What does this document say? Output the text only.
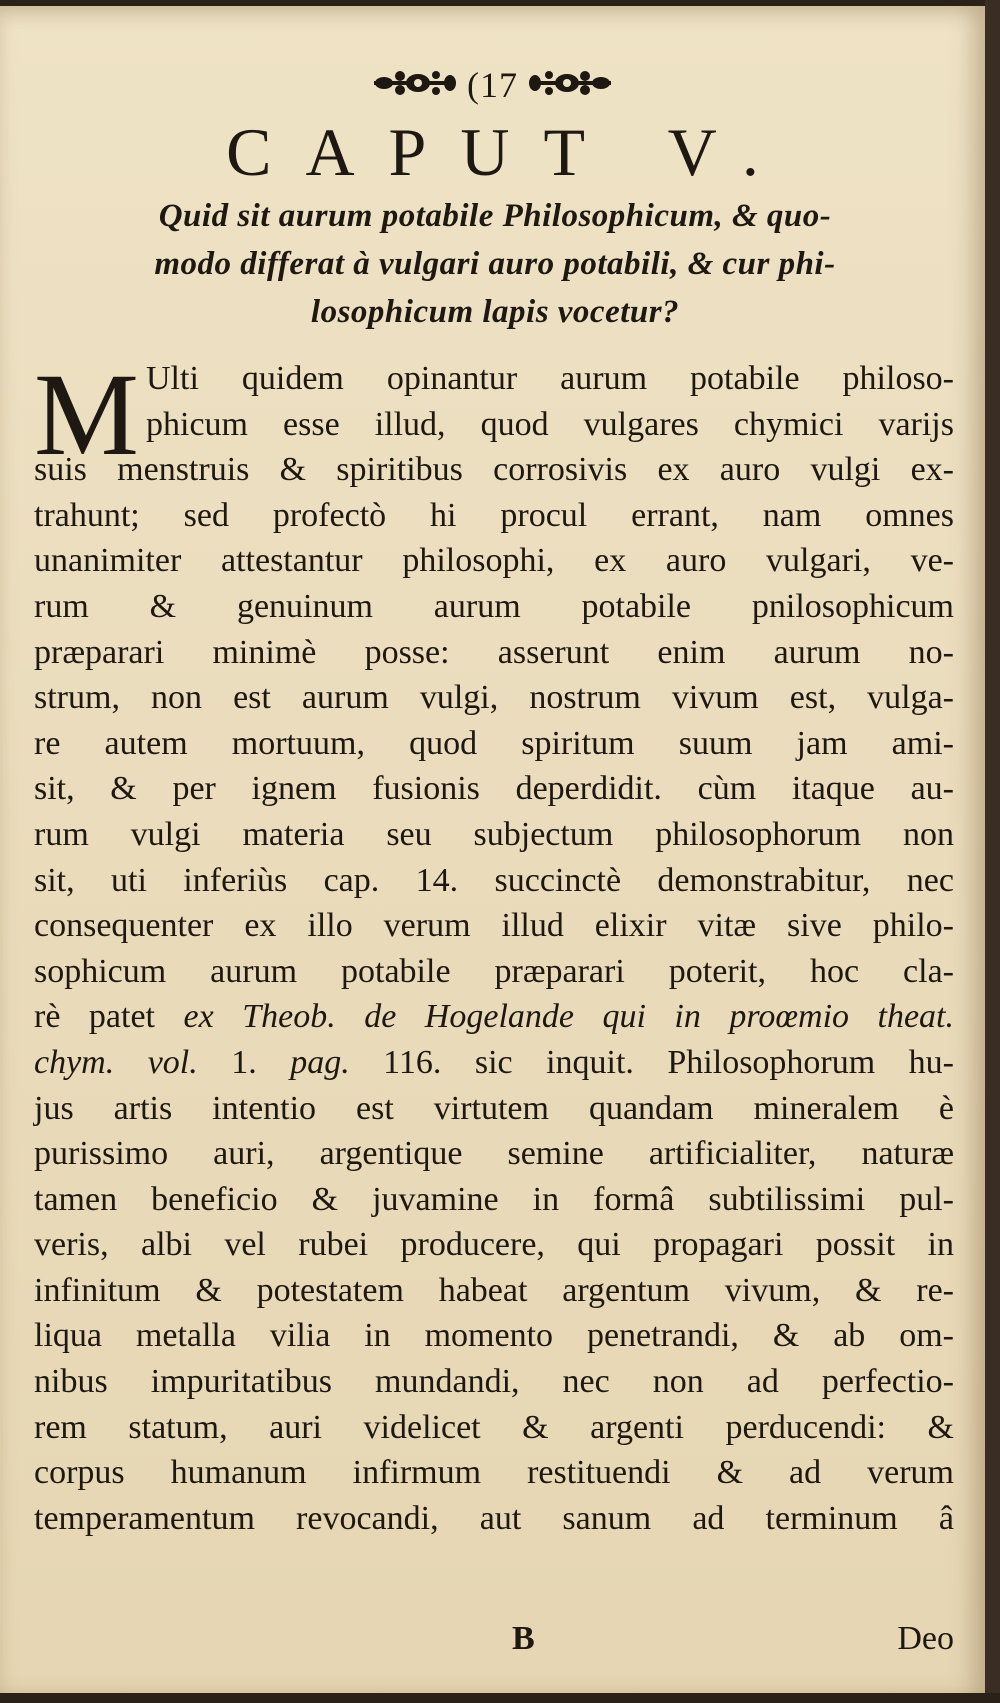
(17
CAPUT V.
Quid sit aurum potabile Philosophicum, & quo-
modo differat à vulgari auro potabili, & cur phi-
losophicum lapis vocetur?
M Ulti quidem opinantur aurum potabile philoso-
phicum esse illud, quod vulgares chymici varijs
suis menstruis & spiritibus corrosivis ex auro vulgi ex-
trahunt; sed profectò hi procul errant, nam omnes
unanimiter attestantur philosophi, ex auro vulgari, ve-
rum & genuinum aurum potabile pnilosophicum
præparari minimè posse: asserunt enim aurum no-
strum, non est aurum vulgi, nostrum vivum est, vulga-
re autem mortuum, quod spiritum suum jam ami-
sit, & per ignem fusionis deperdidit. cùm itaque au-
rum vulgi materia seu subjectum philosophorum non
sit, uti inferiùs cap. 14. succinctè demonstrabitur, nec
consequenter ex illo verum illud elixir vitæ sive philo-
sophicum aurum potabile præparari poterit, hoc cla-
rè patet ex Theob. de Hogelande qui in proœmio theat.
chym. vol. 1. pag. 116. sic inquit. Philosophorum hu-
jus artis intentio est virtutem quandam mineralem è
purissimo auri, argentique semine artificialiter, naturæ
tamen beneficio & juvamine in formâ subtilissimi pul-
veris, albi vel rubei producere, qui propagari possit in
infinitum & potestatem habeat argentum vivum, & re-
liqua metalla vilia in momento penetrandi, & ab om-
nibus impuritatibus mundandi, nec non ad perfectio-
rem statum, auri videlicet & argenti perducendi: &
corpus humanum infirmum restituendi & ad verum
temperamentum revocandi, aut sanum ad terminum â
B	Deo
